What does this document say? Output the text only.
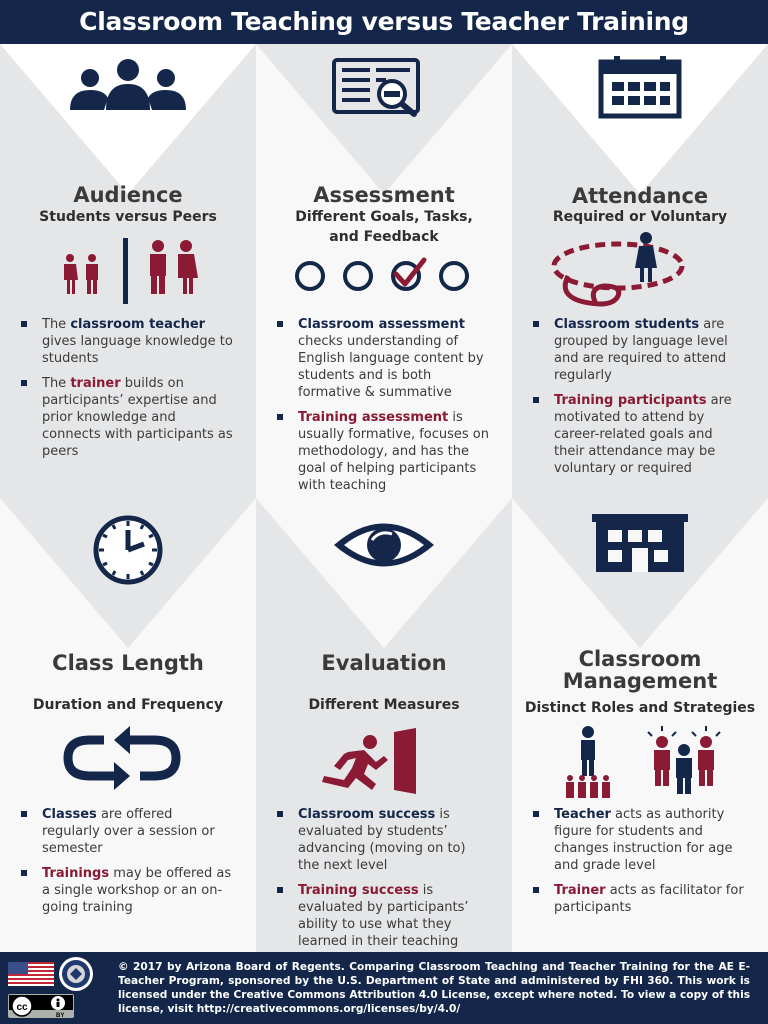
Classroom Teaching versus Teacher Training
Audience
Students versus Peers
The classroom teacher gives language knowledge to students
The trainer builds on participants’ expertise and prior knowledge and connects with participants as peers
Assessment
Different Goals, Tasks,
and Feedback
Classroom assessment checks understanding of English language content by students and is both formative & summative
Training assessment is usually formative, focuses on methodology, and has the goal of helping participants with teaching
Attendance
Required or Voluntary
Classroom students are grouped by language level and are required to attend regularly
Training participants are motivated to attend by career-related goals and their attendance may be voluntary or required
Class Length
Duration and Frequency
Classes are offered regularly over a session or semester
Trainings may be offered as a single workshop or an on-going training
Evaluation
Different Measures
Classroom success is evaluated by students’ advancing (moving on to) the next level
Training success is evaluated by participants’ ability to use what they learned in their teaching
Classroom
Management
Distinct Roles and Strategies
Teacher acts as authority figure for students and changes instruction for age and grade level
Trainer acts as facilitator for participants
cc
BY

© 2017 by Arizona Board of Regents. Comparing Classroom Teaching and Teacher Training for the AE E-Teacher Program, sponsored by the U.S. Department of State and administered by FHI 360. This work is licensed under the Creative Commons Attribution 4.0 License, except where noted. To view a copy of this license, visit http://creativecommons.org/licenses/by/4.0/
